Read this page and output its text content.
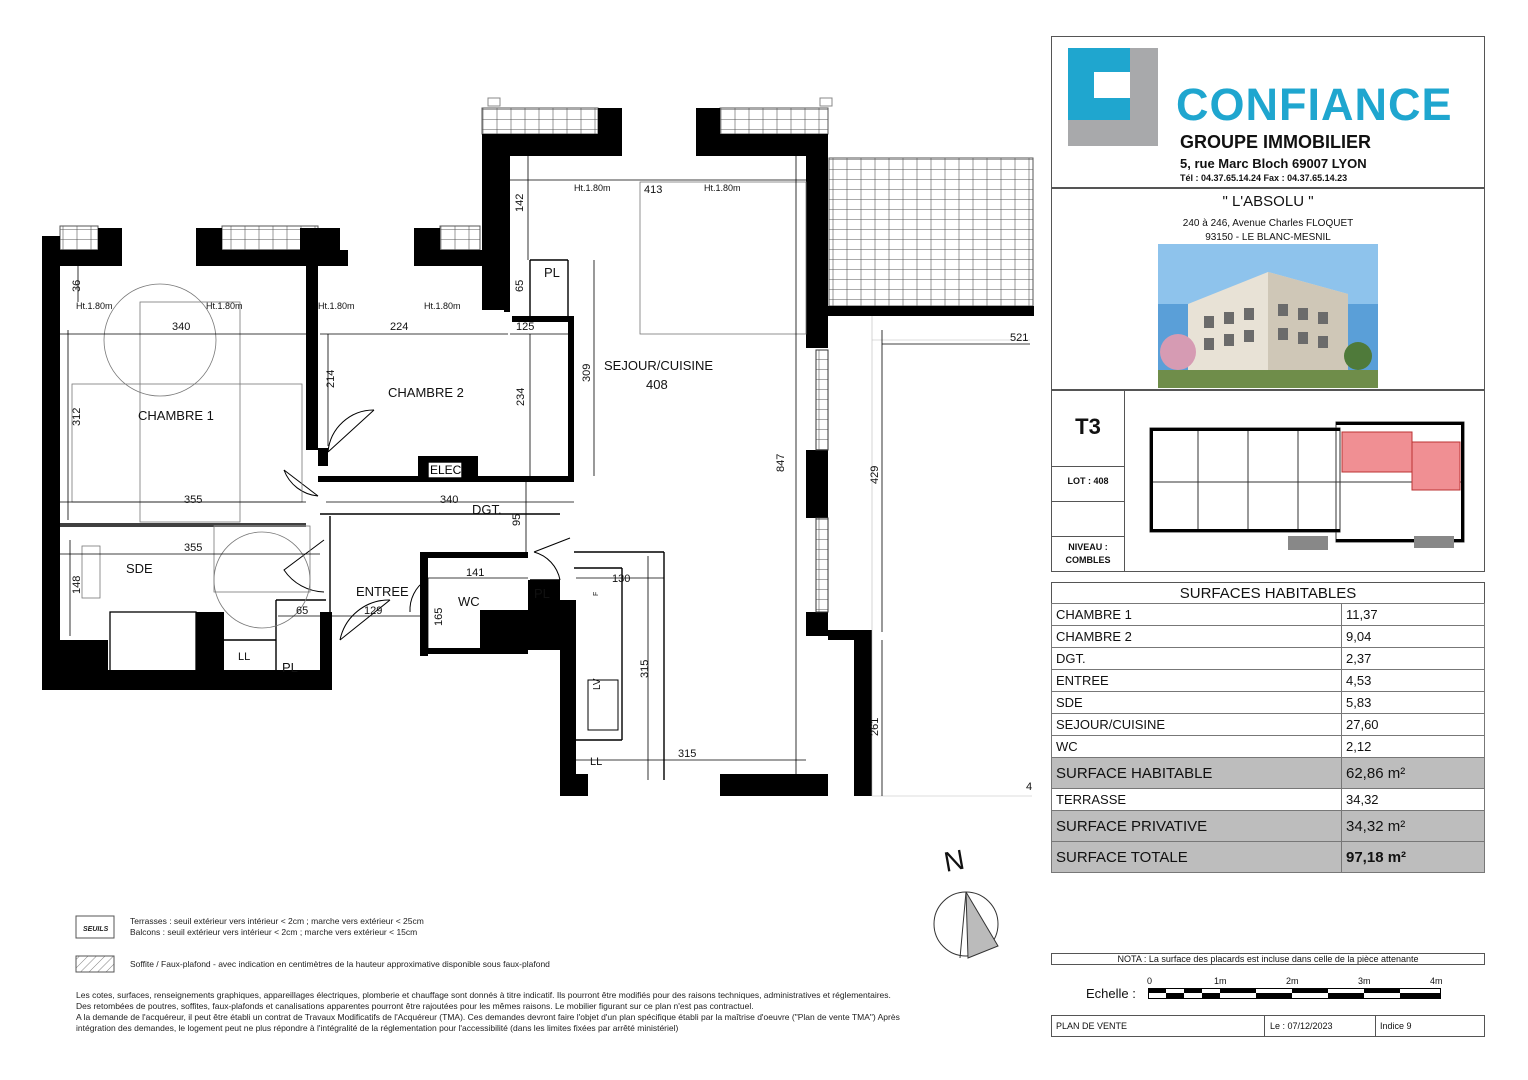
CHAMBRE 1
CHAMBRE 2
SEJOUR/CUISINE
408
SDE
ENTREE
WC
DGT.
ELEC
PL
PL
PL
LL
LL
LV
F
Ht.1.80m	Ht.1.80m
Ht.1.80m	Ht.1.80m	Ht.1.80m	Ht.1.80m
413
142
36
340	224
65
125
214
234
309
312
355	340
95
355
148
65	129
141
165
130
315
315
847
429
261
521
4
N
SEUILS
Terrasses : seuil extérieur vers intérieur < 2cm ; marche vers extérieur < 25cm
Balcons : seuil extérieur vers intérieur < 2cm ; marche vers extérieur < 15cm
Soffite / Faux-plafond - avec indication en centimètres de la hauteur approximative disponible sous faux-plafond
Les cotes, surfaces, renseignements graphiques, appareillages électriques, plomberie et chauffage sont donnés à titre indicatif. Ils pourront être modifiés pour des raisons techniques, administratives et réglementaires.
Des retombées de poutres, soffites, faux-plafonds et canalisations apparentes pourront être rajoutées pour les mêmes raisons. Le mobilier figurant sur ce plan n'est pas contractuel.
A la demande de l'acquéreur, il peut être établi un contrat de Travaux Modificatifs de l'Acquéreur (TMA). Ces demandes devront faire l'objet d'un plan spécifique établi par la maîtrise d'oeuvre ("Plan de vente TMA") Après
intégration des demandes, le logement peut ne plus répondre à l'intégralité de la réglementation pour l'accessibilité (dans les limites fixées par arrêté ministériel)
CONFIANCE
GROUPE IMMOBILIER
5, rue Marc Bloch 69007 LYON
Tél : 04.37.65.14.24 Fax : 04.37.65.14.23
" L'ABSOLU "
240 à 246, Avenue Charles FLOQUET
93150 - LE BLANC-MESNIL
T3
LOT : 408
NIVEAU :
COMBLES
SURFACES HABITABLES
CHAMBRE 1	11,37
CHAMBRE 2	9,04
DGT.	2,37
ENTREE	4,53
SDE	5,83
SEJOUR/CUISINE	27,60
WC	2,12
SURFACE HABITABLE	62,86 m²
TERRASSE	34,32
SURFACE PRIVATIVE	34,32 m²
SURFACE TOTALE	97,18 m²
NOTA : La surface des placards est incluse dans celle de la pièce attenante
Echelle :
0	1m	2m	3m	4m
PLAN DE VENTE	Le : 07/12/2023	Indice 9
